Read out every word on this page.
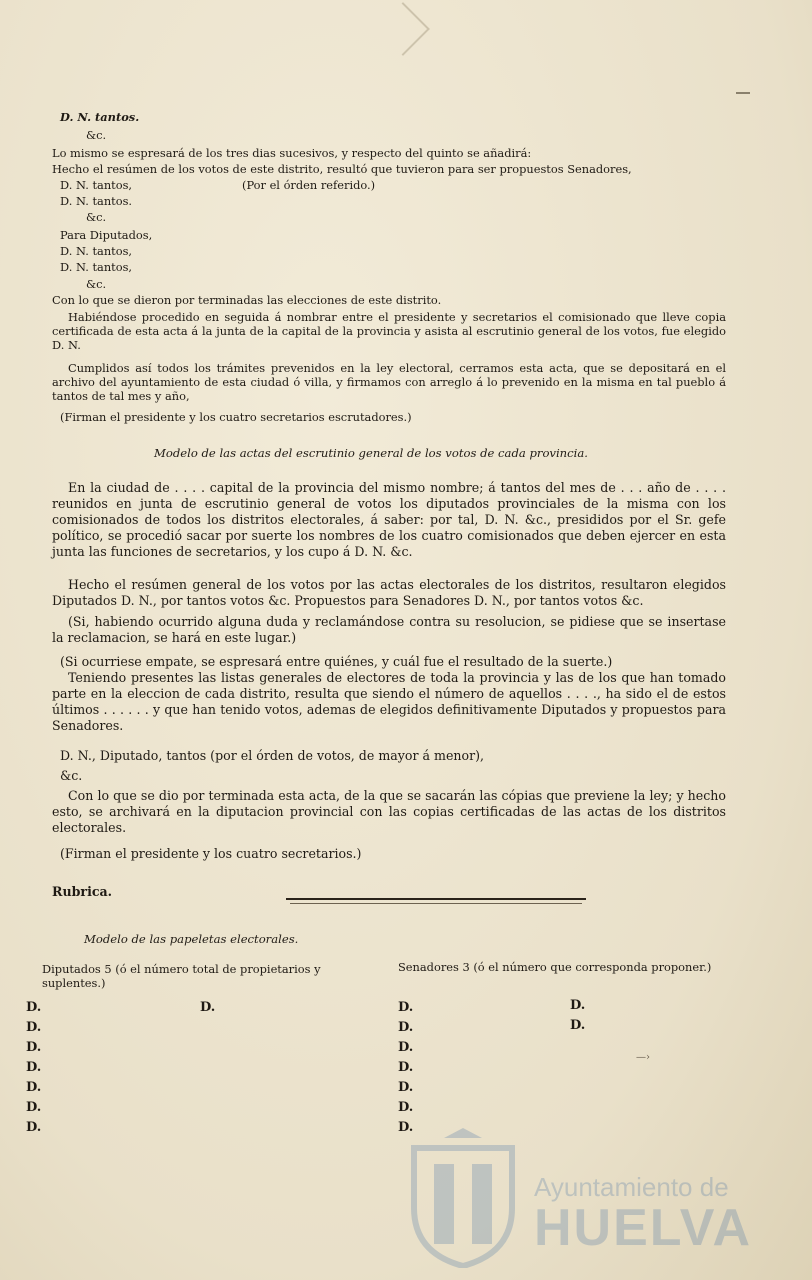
D. N. tantos.
&c.
Lo mismo se espresará de los tres dias sucesivos, y respecto del quinto se añadirá:
Hecho el resúmen de los votos de este distrito, resultó que tuvieron para ser propuestos Senadores,
D. N. tantos,	(Por el órden referido.)
D. N. tantos.
&c.
Para Diputados,
D. N. tantos,
D. N. tantos,
&c.
Con lo que se dieron por terminadas las elecciones de este distrito.
Habiéndose procedido en seguida á nombrar entre el presidente y secretarios el comisionado que lleve copia certificada de esta acta á la junta de la capital de la provincia y asista al escrutinio general de los votos, fue elegido D. N.
Cumplidos así todos los trámites prevenidos en la ley electoral, cerramos esta acta, que se depositará en el archivo del ayuntamiento de esta ciudad ó villa, y firmamos con arreglo á lo prevenido en la misma en tal pueblo á tantos de tal mes y año,
(Firman el presidente y los cuatro secretarios escrutadores.)
Modelo de las actas del escrutinio general de los votos de cada provincia.
En la ciudad de . . . . capital de la provincia del mismo nombre; á tantos del mes de . . . año de . . . . reunidos en junta de escrutinio general de votos los diputados provinciales de la misma con los comisionados de todos los distritos electorales, á saber: por tal, D. N. &c., presididos por el Sr. gefe político, se procedió sacar por suerte los nombres de los cuatro comisionados que deben ejercer en esta junta las funciones de secretarios, y los cupo á D. N. &c.
Hecho el resúmen general de los votos por las actas electorales de los distritos, resultaron elegidos Diputados D. N., por tantos votos &c. Propuestos para Senadores D. N., por tantos votos &c.
(Si, habiendo ocurrido alguna duda y reclamándose contra su resolucion, se pidiese que se insertase la reclamacion, se hará en este lugar.)
(Si ocurriese empate, se espresará entre quiénes, y cuál fue el resultado de la suerte.)
Teniendo presentes las listas generales de electores de toda la provincia y las de los que han tomado parte en la eleccion de cada distrito, resulta que siendo el número de aquellos . . . ., ha sido el de estos últimos . . . . . . y que han tenido votos, ademas de elegidos definitivamente Diputados y propuestos para Senadores.
D. N., Diputado, tantos (por el órden de votos, de mayor á menor),
&c.
Con lo que se dio por terminada esta acta, de la que se sacarán las cópias que previene la ley; y hecho esto, se archivará en la diputacion provincial con las copias certificadas de las actas de los distritos electorales.
(Firman el presidente y los cuatro secretarios.)
Rubrica.
Modelo de las papeletas electorales.
Diputados 5 (ó el número total de propietarios y suplentes.)
Senadores 3 (ó el número que corresponda proponer.)
D.
D.
D.
D.
D.
D.
D.
D.	D.
D.
D.
D.
D.
D.
D.
D.
D.
—›
Ayuntamiento de
HUELVA
